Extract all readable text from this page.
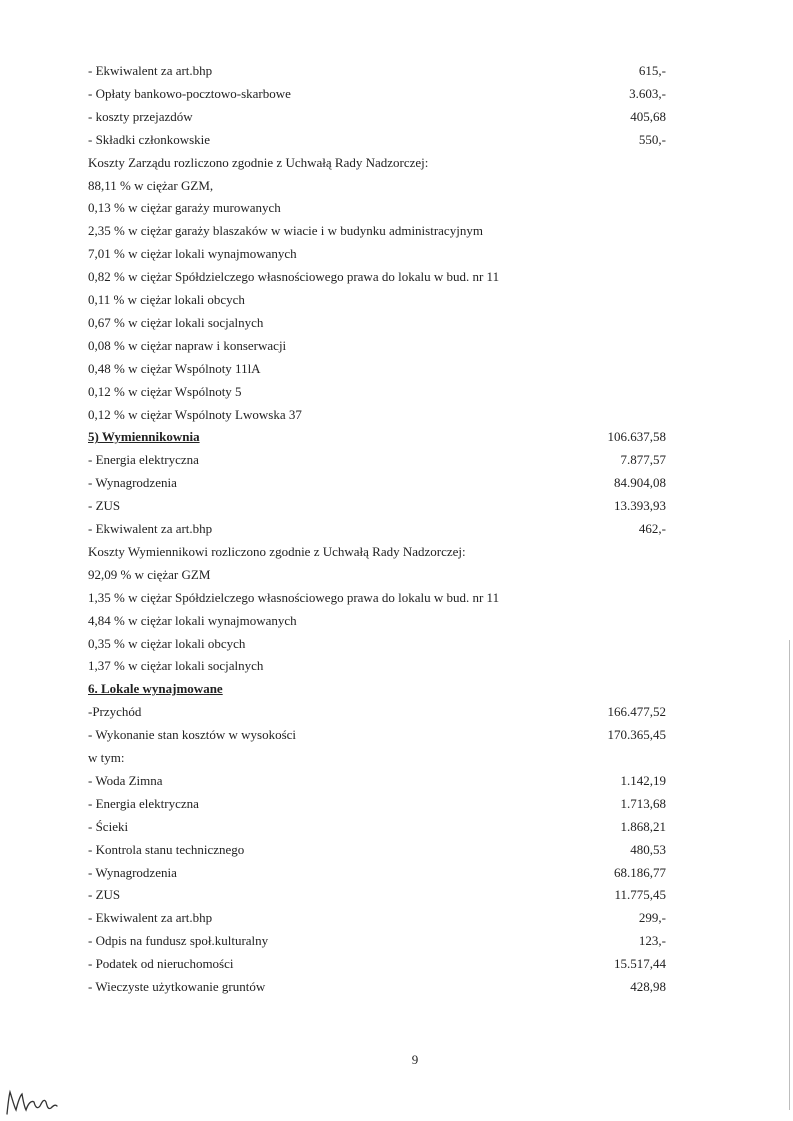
- Ekwiwalent za art.bhp	615,-
- Opłaty bankowo-pocztowo-skarbowe	3.603,-
- koszty przejazdów	405,68
- Składki członkowskie	550,-
Koszty Zarządu rozliczono zgodnie z Uchwałą Rady Nadzorczej:
88,11 % w ciężar GZM,
0,13 % w ciężar garaży murowanych
2,35 % w ciężar garaży blaszaków w wiacie i w budynku administracyjnym
7,01 % w ciężar lokali wynajmowanych
0,82 % w ciężar Spółdzielczego własnościowego prawa do lokalu w bud. nr 11
0,11 % w ciężar lokali obcych
0,67 % w ciężar lokali socjalnych
0,08 % w ciężar napraw i konserwacji
0,48 % w ciężar Wspólnoty 11lA
0,12 % w ciężar Wspólnoty 5
0,12 % w ciężar Wspólnoty Lwowska 37
5) Wymiennikownia	106.637,58
- Energia elektryczna	7.877,57
- Wynagrodzenia	84.904,08
- ZUS	13.393,93
- Ekwiwalent za art.bhp	462,-
Koszty Wymiennikowi rozliczono zgodnie z Uchwałą Rady Nadzorczej:
92,09 % w ciężar GZM
1,35 % w ciężar Spółdzielczego własnościowego prawa do lokalu w bud. nr 11
4,84 % w ciężar lokali wynajmowanych
0,35 % w ciężar lokali obcych
1,37 % w ciężar lokali socjalnych
6. Lokale wynajmowane
-Przychód	166.477,52
- Wykonanie stan kosztów w wysokości	170.365,45
w tym:
- Woda Zimna	1.142,19
- Energia elektryczna	1.713,68
- Ścieki	1.868,21
- Kontrola stanu technicznego	480,53
- Wynagrodzenia	68.186,77
- ZUS	11.775,45
- Ekwiwalent za art.bhp	299,-
- Odpis na fundusz społ.kulturalny	123,-
- Podatek od nieruchomości	15.517,44
- Wieczyste użytkowanie gruntów	428,98
9
